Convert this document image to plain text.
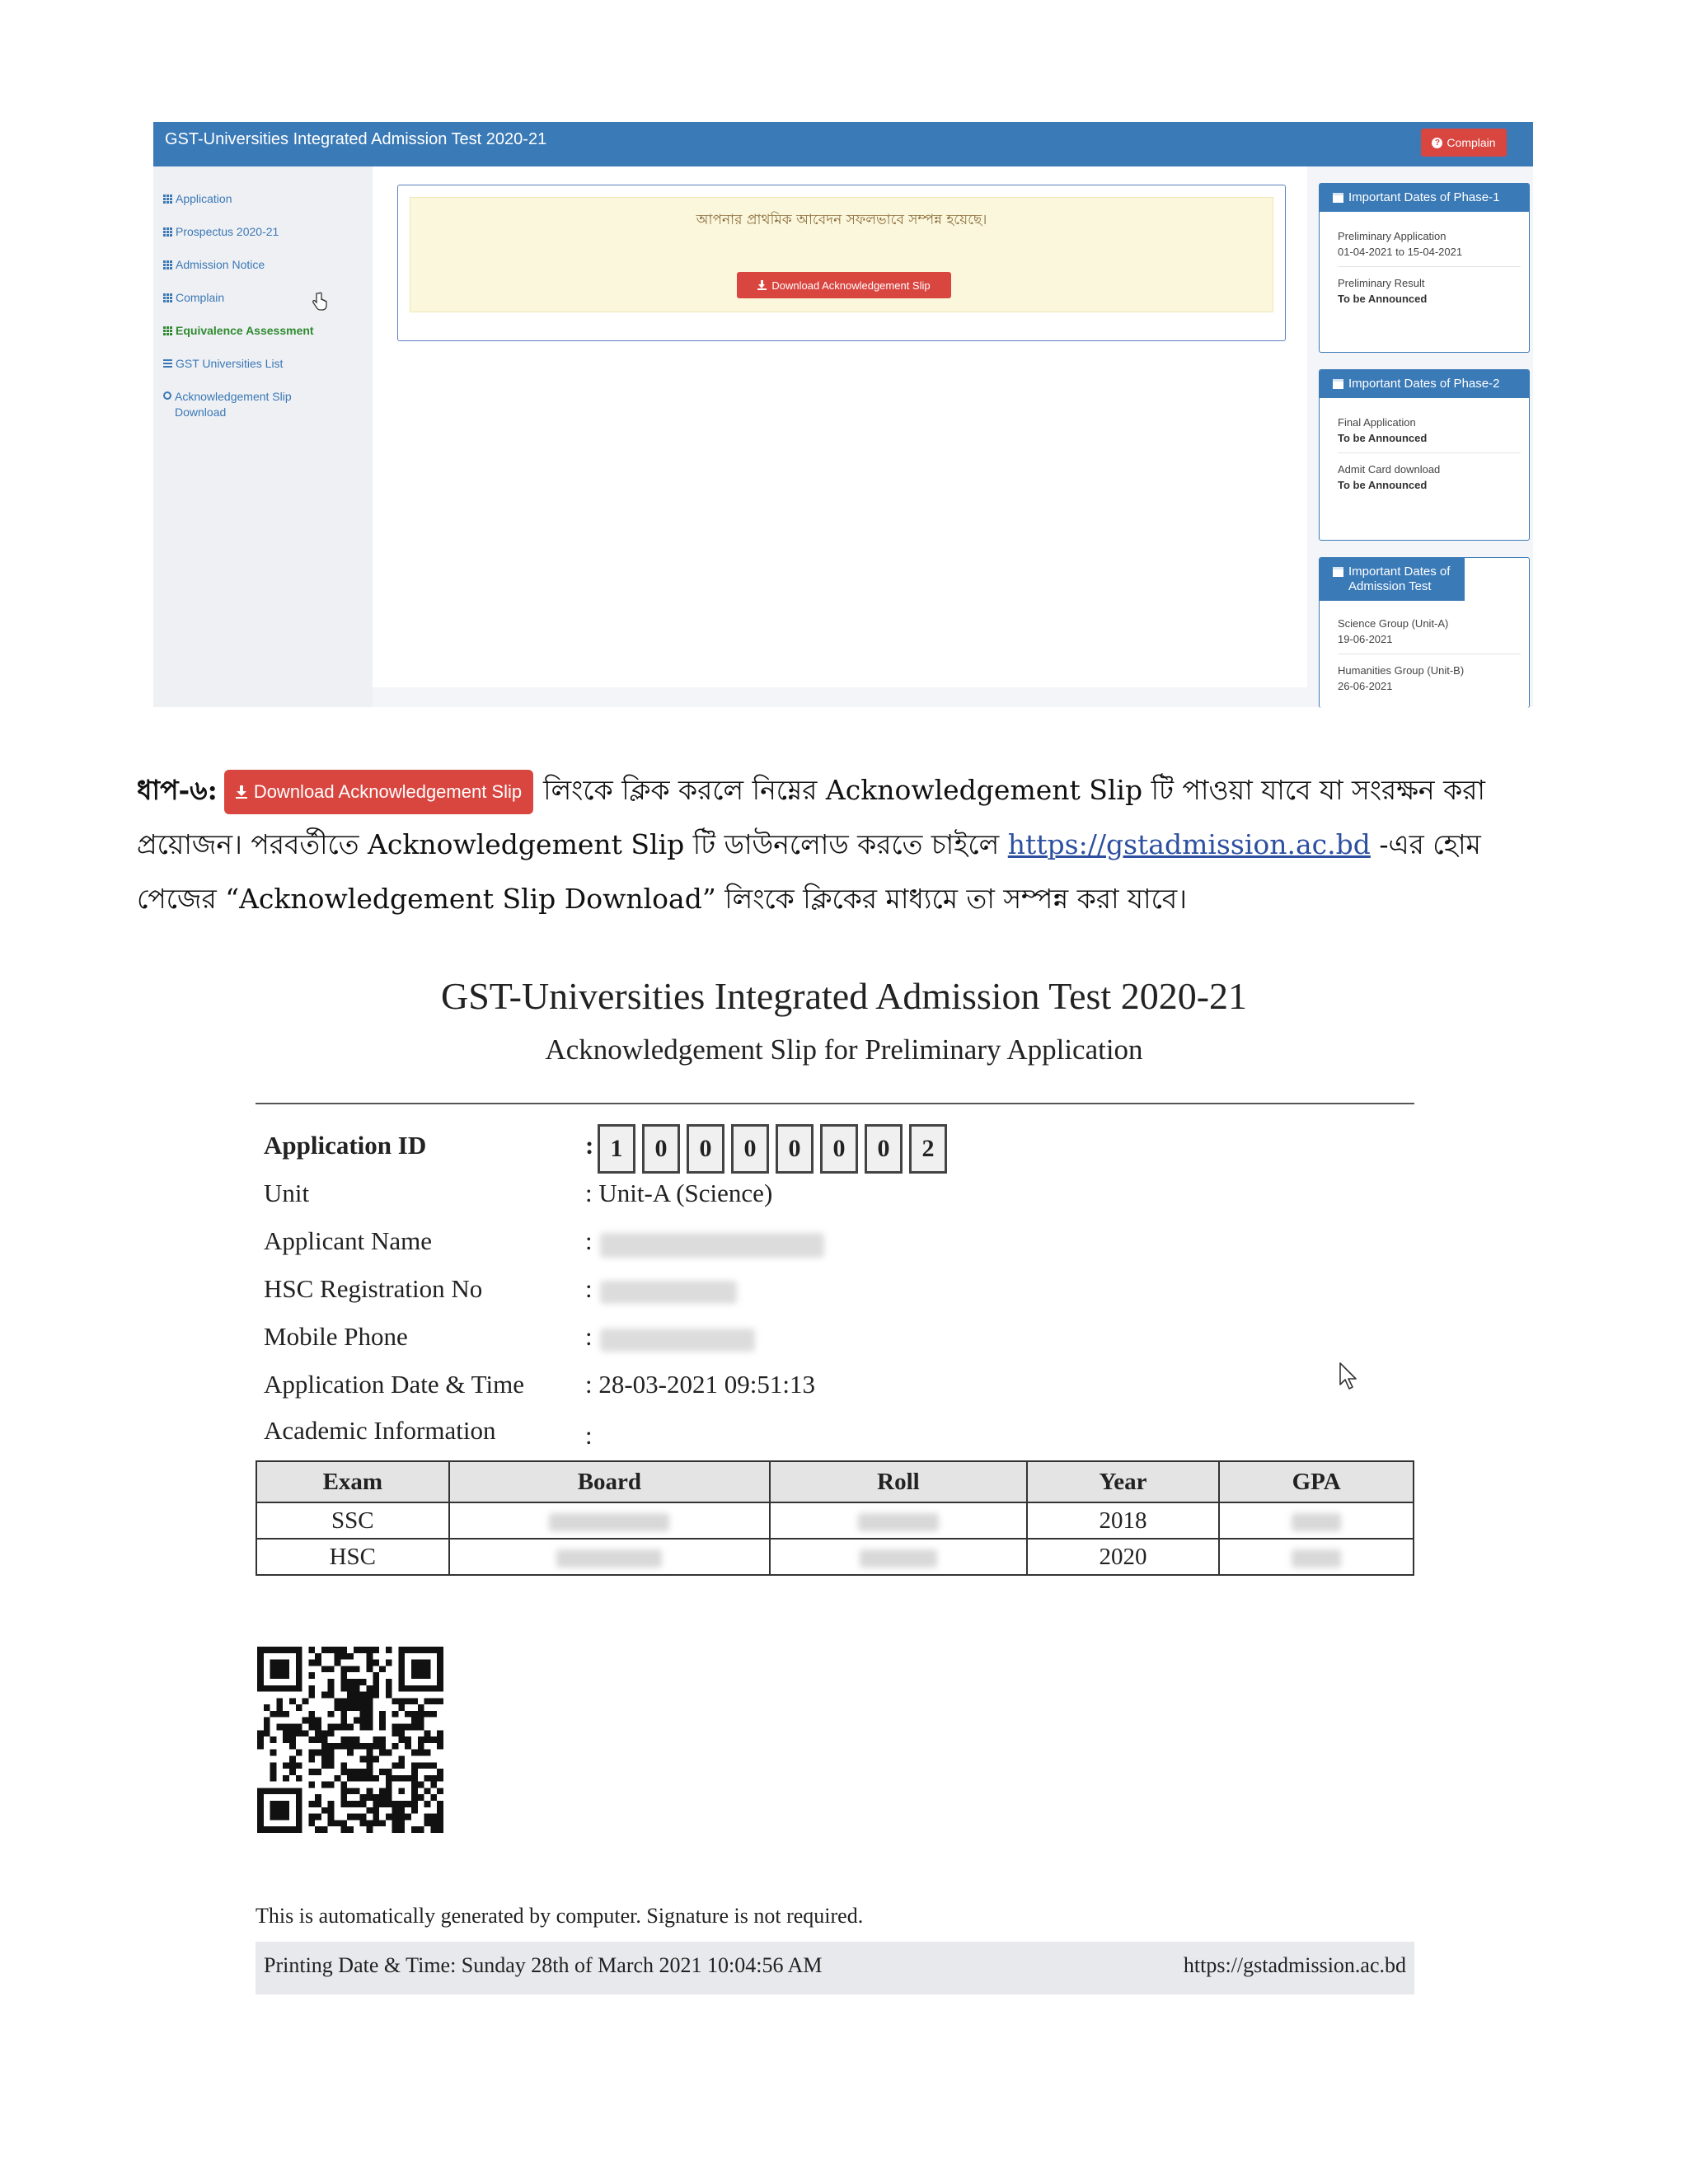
GST-Universities Integrated Admission Test 2020-21	? Complain
Application
Prospectus 2020-21
Admission Notice
Complain
Equivalence Assessment
GST Universities List
Acknowledgement Slip Download
আপনার প্রাথমিক আবেদন সফলভাবে সম্পন্ন হয়েছে।
Download Acknowledgement Slip
Important Dates of Phase-1
Preliminary Application
01-04-2021 to 15-04-2021
Preliminary Result
To be Announced
Important Dates of Phase-2
Final Application
To be Announced
Admit Card download
To be Announced
Important Dates of Admission Test
Science Group (Unit-A)
19-06-2021
Humanities Group (Unit-B)
26-06-2021
ধাপ-৬: Download Acknowledgement Slip লিংকে ক্লিক করলে নিম্নের Acknowledgement Slip টি পাওয়া যাবে যা সংরক্ষন করা প্রয়োজন। পরবর্তীতে Acknowledgement Slip টি ডাউনলোড করতে চাইলে https://gstadmission.ac.bd -এর হোম পেজের “Acknowledgement Slip Download” লিংকে ক্লিকের মাধ্যমে তা সম্পন্ন করা যাবে।
GST-Universities Integrated Admission Test 2020-21
Acknowledgement Slip for Preliminary Application
Application ID	: 1	0	0	0	0	0	0	2
Unit	: Unit-A (Science)
Applicant Name	:
HSC Registration No	:
Mobile Phone	:
Application Date & Time : 28-03-2021 09:51:13
Academic Information	:
Exam	Board	Roll	Year	GPA
SSC			2018	
HSC			2020	
This is automatically generated by computer. Signature is not required.
Printing Date & Time: Sunday 28th of March 2021 10:04:56 AM	https://gstadmission.ac.bd
